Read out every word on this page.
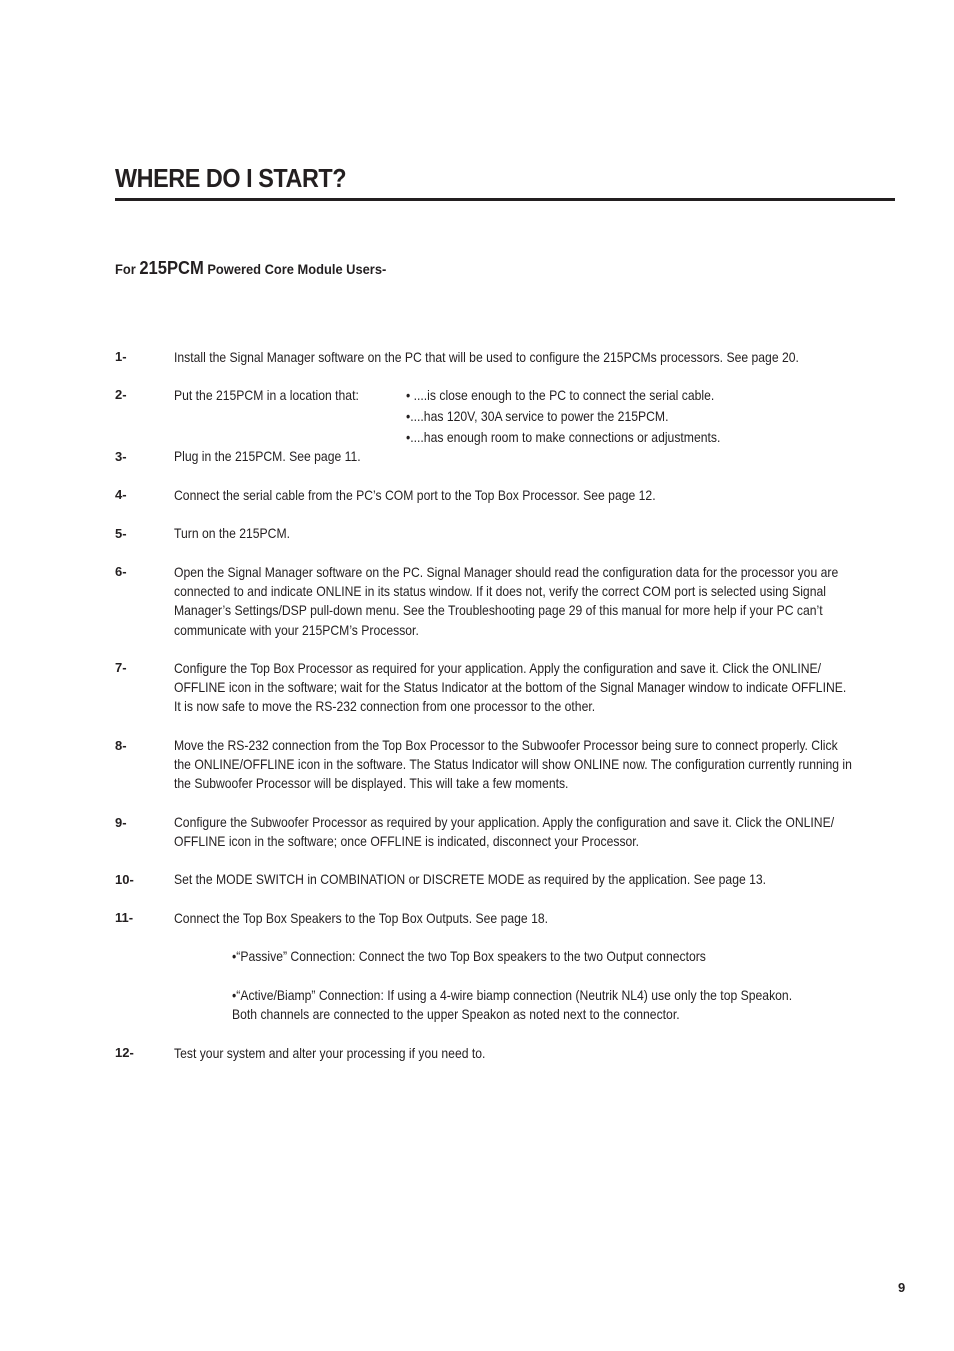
WHERE DO I START?
For 215PCM Powered Core Module Users-
1-	Install the Signal Manager software on the PC that will be used to configure the 215PCMs processors. See page 20.
2-	Put the 215PCM in a location that:	• ....is close enough to the PC to connect the serial cable.
•....has 120V, 30A service to power the 215PCM.
•....has enough room to make connections or adjustments.
3-	Plug in the 215PCM. See page 11.
4-	Connect the serial cable from the PC’s COM port to the Top Box Processor. See page 12.
5-	Turn on the 215PCM.
6-	Open the Signal Manager software on the PC. Signal Manager should read the configuration data for the processor you are
connected to and indicate ONLINE in its status window. If it does not, verify the correct COM port is selected using Signal
Manager’s Settings/DSP pull-down menu. See the Troubleshooting page 29 of this manual for more help if your PC can’t
communicate with your 215PCM’s Processor.
7-	Configure the Top Box Processor as required for your application. Apply the configuration and save it. Click the ONLINE/
OFFLINE icon in the software; wait for the Status Indicator at the bottom of the Signal Manager window to indicate OFFLINE.
It is now safe to move the RS-232 connection from one processor to the other.
8-	Move the RS-232 connection from the Top Box Processor to the Subwoofer Processor being sure to connect properly. Click
the ONLINE/OFFLINE icon in the software. The Status Indicator will show ONLINE now. The configuration currently running in
the Subwoofer Processor will be displayed. This will take a few moments.
9-	Configure the Subwoofer Processor as required by your application. Apply the configuration and save it. Click the ONLINE/
OFFLINE icon in the software; once OFFLINE is indicated, disconnect your Processor.
10-	Set the MODE SWITCH in COMBINATION or DISCRETE MODE as required by the application. See page 13.
11-	Connect the Top Box Speakers to the Top Box Outputs. See page 18.
•“Passive” Connection: Connect the two Top Box speakers to the two Output connectors
•“Active/Biamp” Connection: If using a 4-wire biamp connection (Neutrik NL4) use only the top Speakon.
Both channels are connected to the upper Speakon as noted next to the connector.
12-	Test your system and alter your processing if you need to.
9
